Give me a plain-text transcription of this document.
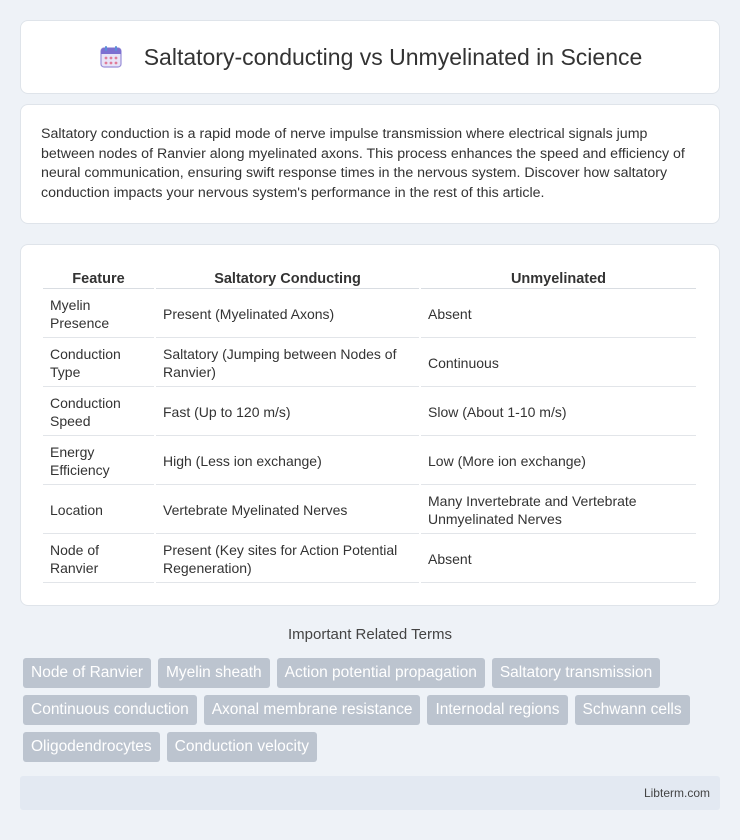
Saltatory-conducting vs Unmyelinated in Science

Saltatory conduction is a rapid mode of nerve impulse transmission where electrical signals jump between nodes of Ranvier along myelinated axons. This process enhances the speed and efficiency of neural communication, ensuring swift response times in the nervous system. Discover how saltatory conduction impacts your nervous system's performance in the rest of this article.

Feature	Saltatory Conducting	Unmyelinated
Myelin Presence	Present (Myelinated Axons)	Absent
Conduction Type	Saltatory (Jumping between Nodes of Ranvier)	Continuous
Conduction Speed	Fast (Up to 120 m/s)	Slow (About 1-10 m/s)
Energy Efficiency	High (Less ion exchange)	Low (More ion exchange)
Location	Vertebrate Myelinated Nerves	Many Invertebrate and Vertebrate Unmyelinated Nerves
Node of Ranvier	Present (Key sites for Action Potential Regeneration)	Absent
Important Related Terms
Node of Ranvier	Myelin sheath	Action potential propagation	Saltatory transmission
Continuous conduction	Axonal membrane resistance	Internodal regions	Schwann cells
Oligodendrocytes	Conduction velocity
Libterm.com
